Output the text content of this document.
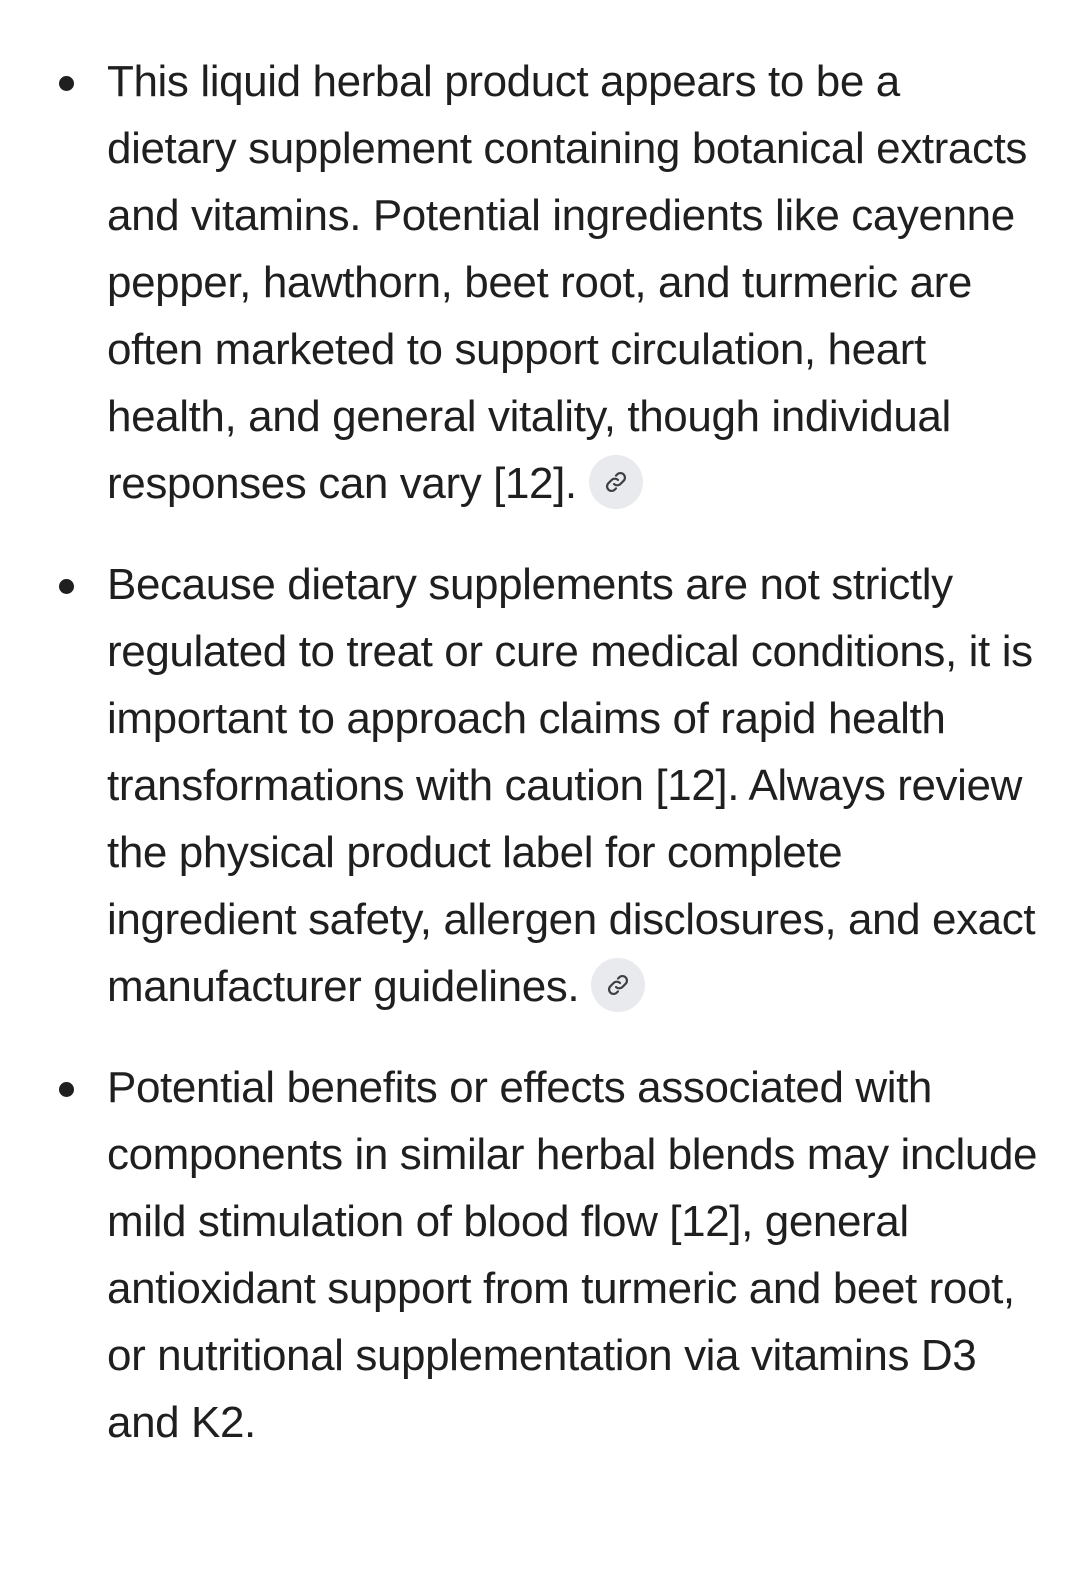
This liquid herbal product appears to be a dietary supplement containing botanical extracts and vitamins. Potential ingredients like cayenne pepper, hawthorn, beet root, and turmeric are often marketed to support circulation, heart health, and general vitality, though individual responses can vary [12].
Because dietary supplements are not strictly regulated to treat or cure medical conditions, it is important to approach claims of rapid health transformations with caution [12]. Always review the physical product label for complete ingredient safety, allergen disclosures, and exact manufacturer guidelines.
Potential benefits or effects associated with components in similar herbal blends may include mild stimulation of blood flow [12], general antioxidant support from turmeric and beet root, or nutritional supplementation via vitamins D3 and K2.
